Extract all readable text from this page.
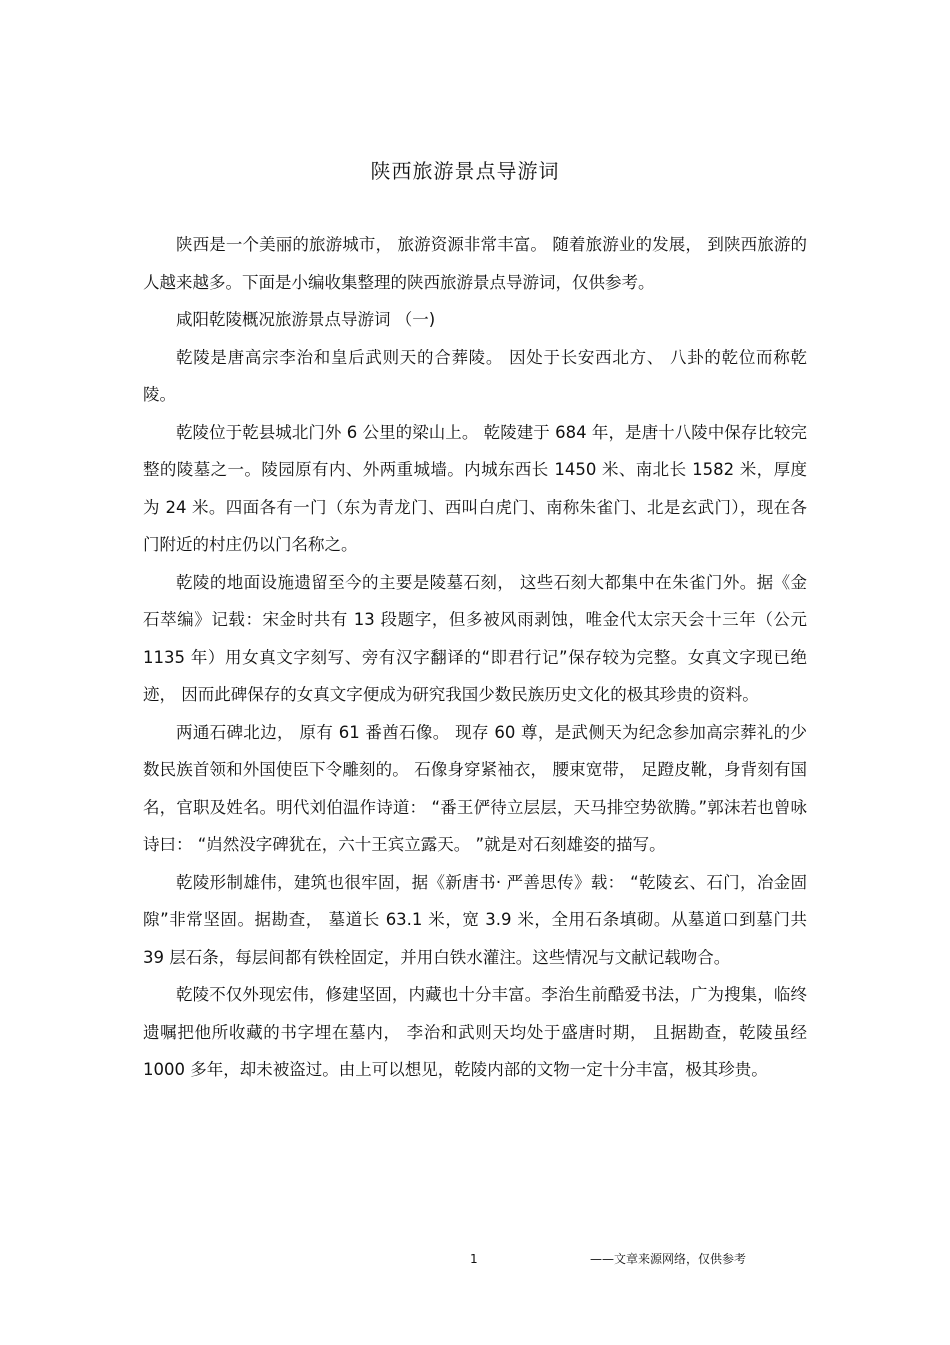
陕西旅游景点导游词

陕西是一个美丽的旅游城市， 旅游资源非常丰富。 随着旅游业的发展， 到陕西旅游的人越来越多。下面是小编收集整理的陕西旅游景点导游词，仅供参考。

咸阳乾陵概况旅游景点导游词 （一)

乾陵是唐高宗李治和皇后武则天的合葬陵。 因处于长安西北方、 八卦的乾位而称乾陵。

乾陵位于乾县城北门外 6 公里的梁山上。 乾陵建于 684 年，是唐十八陵中保存比较完整的陵墓之一。陵园原有内、外两重城墙。内城东西长 1450 米、南北长 1582 米，厚度为 24 米。四面各有一门（东为青龙门、西叫白虎门、南称朱雀门、北是玄武门），现在各门附近的村庄仍以门名称之。

乾陵的地面设施遗留至今的主要是陵墓石刻， 这些石刻大都集中在朱雀门外。据《金石萃编》记载：宋金时共有 13 段题字，但多被风雨剥蚀，唯金代太宗天会十三年（公元 1135 年）用女真文字刻写、旁有汉字翻译的“即君行记”保存较为完整。女真文字现已绝迹， 因而此碑保存的女真文字便成为研究我国少数民族历史文化的极其珍贵的资料。

两通石碑北边， 原有 61 番酋石像。 现存 60 尊，是武侧天为纪念参加高宗葬礼的少数民族首领和外国使臣下令雕刻的。 石像身穿紧袖衣， 腰束宽带， 足蹬皮靴，身背刻有国名，官职及姓名。明代刘伯温作诗道： “番王俨待立层层，天马排空势欲腾。”郭沫若也曾咏诗曰： “岿然没字碑犹在，六十王宾立露天。 ”就是对石刻雄姿的描写。

乾陵形制雄伟，建筑也很牢固，据《新唐书· 严善思传》载： “乾陵玄、石门，冶金固隙”非常坚固。据勘查， 墓道长 63.1 米，宽 3.9 米，全用石条填砌。从墓道口到墓门共 39 层石条，每层间都有铁栓固定，并用白铁水灌注。这些情况与文献记载吻合。

乾陵不仅外现宏伟，修建坚固，内藏也十分丰富。李治生前酷爱书法，广为搜集，临终遗嘱把他所收藏的书字埋在墓内， 李治和武则天均处于盛唐时期， 且据勘查，乾陵虽经 1000 多年，却未被盗过。由上可以想见，乾陵内部的文物一定十分丰富，极其珍贵。

1	——文章来源网络，仅供参考
